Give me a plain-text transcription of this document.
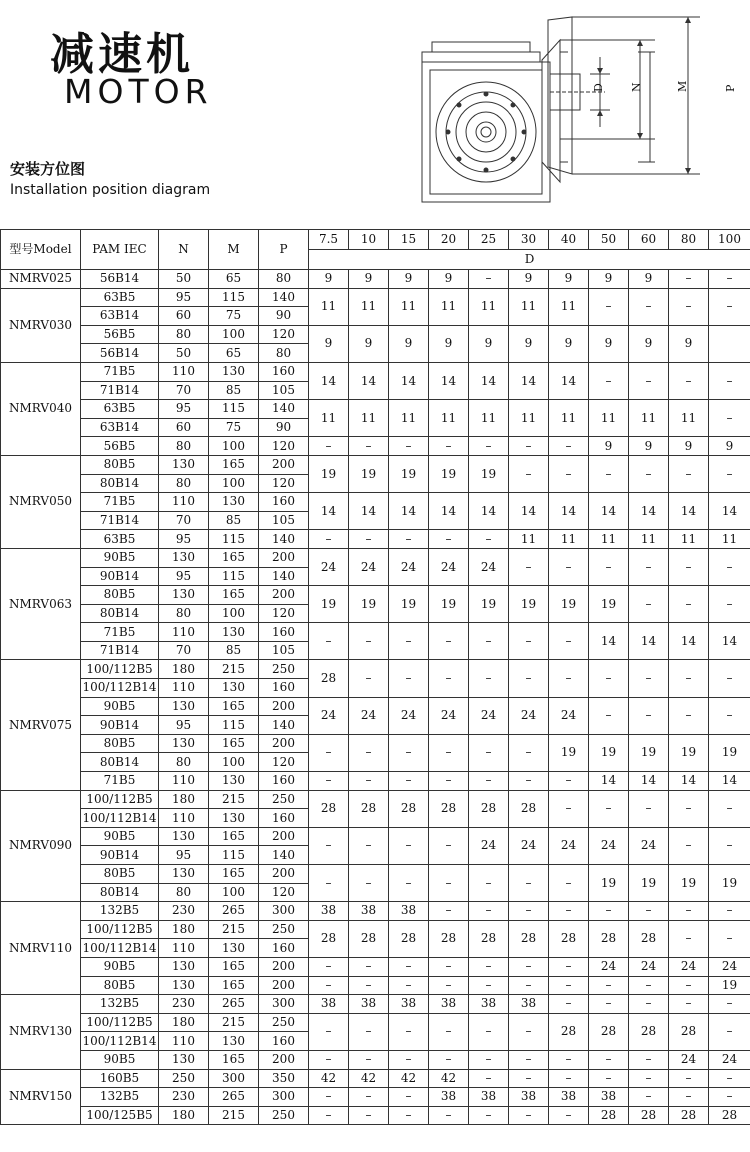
减速机
MOTOR
安装方位图
Installation position diagram
D N	M	P
型号Model	PAM IEC	N	M	P	7.5	10	15	20	25	30	40	50	60	80	100
					D										
NMRV025	56B14	50	65	80	9	9	9	9	–	9	9	9	9	–	–
NMRV030	63B5	95	115	140	11	11	11	11	11	11	11	–	–	–	–
	63B14	60	75	90											
	56B5	80	100	120	9	9	9	9	9	9	9	9	9	9	
	56B14	50	65	80											
NMRV040	71B5	110	130	160	14	14	14	14	14	14	14	–	–	–	–
	71B14	70	85	105											
	63B5	95	115	140	11	11	11	11	11	11	11	11	11	11	–
	63B14	60	75	90											
	56B5	80	100	120	–	–	–	–	–	–	–	9	9	9	9
NMRV050	80B5	130	165	200	19	19	19	19	19	–	–	–	–	–	–
	80B14	80	100	120											
	71B5	110	130	160	14	14	14	14	14	14	14	14	14	14	14
	71B14	70	85	105											
	63B5	95	115	140	–	–	–	–	–	11	11	11	11	11	11
NMRV063	90B5	130	165	200	24	24	24	24	24	–	–	–	–	–	–
	90B14	95	115	140											
	80B5	130	165	200	19	19	19	19	19	19	19	19	–	–	–
	80B14	80	100	120											
	71B5	110	130	160	–	–	–	–	–	–	–	14	14	14	14
	71B14	70	85	105											
NMRV075	100/112B5	180	215	250	28	–	–	–	–	–	–	–	–	–	–
	100/112B14	110	130	160											
	90B5	130	165	200	24	24	24	24	24	24	24	–	–	–	–
	90B14	95	115	140											
	80B5	130	165	200	–	–	–	–	–	–	19	19	19	19	19
	80B14	80	100	120											
	71B5	110	130	160	–	–	–	–	–	–	–	14	14	14	14
NMRV090	100/112B5	180	215	250	28	28	28	28	28	28	–	–	–	–	–
	100/112B14	110	130	160											
	90B5	130	165	200	–	–	–	–	24	24	24	24	24	–	–
	90B14	95	115	140											
	80B5	130	165	200	–	–	–	–	–	–	–	19	19	19	19
	80B14	80	100	120											
NMRV110	132B5	230	265	300	38	38	38	–	–	–	–	–	–	–	–
	100/112B5	180	215	250	28	28	28	28	28	28	28	28	28	–	–
	100/112B14	110	130	160											
	90B5	130	165	200	–	–	–	–	–	–	–	24	24	24	24
	80B5	130	165	200	–	–	–	–	–	–	–	–	–	–	19
NMRV130	132B5	230	265	300	38	38	38	38	38	38	–	–	–	–	–
	100/112B5	180	215	250	–	–	–	–	–	–	28	28	28	28	–
	100/112B14	110	130	160											
	90B5	130	165	200	–	–	–	–	–	–	–	–	–	24	24
NMRV150	160B5	250	300	350	42	42	42	42	–	–	–	–	–	–	–
	132B5	230	265	300	–	–	–	38	38	38	38	38	–	–	–
	100/125B5	180	215	250	–	–	–	–	–	–	–	28	28	28	28
